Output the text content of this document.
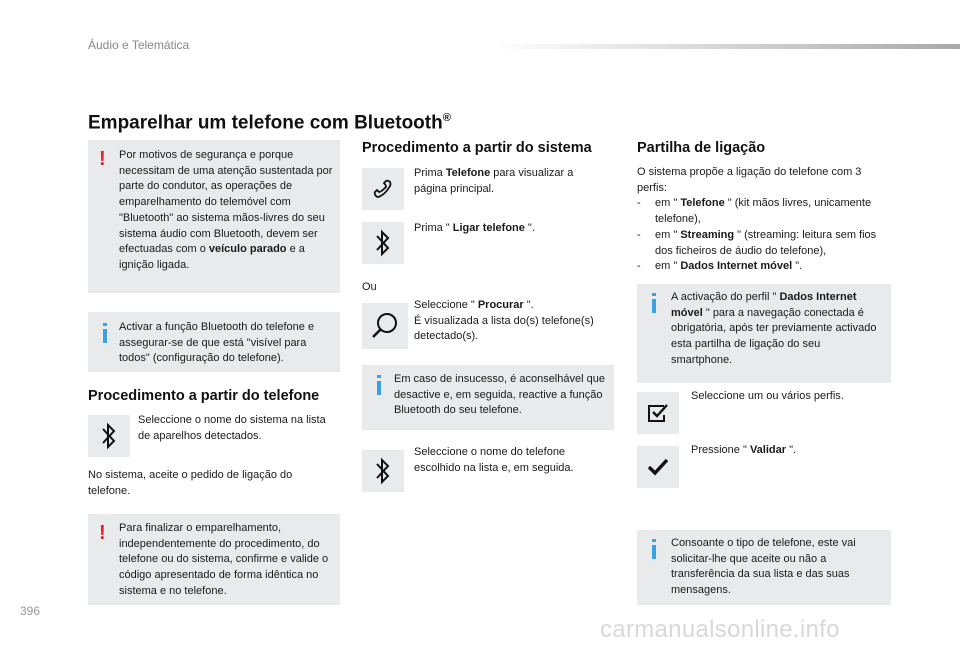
Áudio e Telemática
Emparelhar um telefone com Bluetooth®
! Por motivos de segurança e porque necessitam de uma atenção sustentada por parte do condutor, as operações de emparelhamento do telemóvel com "Bluetooth" ao sistema mãos-livres do seu sistema áudio com Bluetooth, devem ser efectuadas com o veículo parado e a ignição ligada.
Activar a função Bluetooth do telefone e assegurar-se de que está "visível para todos" (configuração do telefone).
Procedimento a partir do telefone
Seleccione o nome do sistema na lista de aparelhos detectados.
No sistema, aceite o pedido de ligação do telefone.
! Para finalizar o emparelhamento, independentemente do procedimento, do telefone ou do sistema, confirme e valide o código apresentado de forma idêntica no sistema e no telefone.
Procedimento a partir do sistema
Prima Telefone para visualizar a página principal.
Prima " Ligar telefone ".
Ou
Seleccione " Procurar ".
É visualizada a lista do(s) telefone(s) detectado(s).
Em caso de insucesso, é aconselhável que desactive e, em seguida, reactive a função Bluetooth do seu telefone.
Seleccione o nome do telefone escolhido na lista e, em seguida.
Partilha de ligação
O sistema propõe a ligação do telefone com 3 perfis:
- em " Telefone " (kit mãos livres, unicamente telefone),
- em " Streaming " (streaming: leitura sem fios dos ficheiros de áudio do telefone),
- em " Dados Internet móvel ".
A activação do perfil " Dados Internet móvel " para a navegação conectada é obrigatória, após ter previamente activado esta partilha de ligação do seu smartphone.
Seleccione um ou vários perfis.
Pressione " Validar ".
Consoante o tipo de telefone, este vai solicitar-lhe que aceite ou não a transferência da sua lista e das suas mensagens.
396
carmanualsonline.info
